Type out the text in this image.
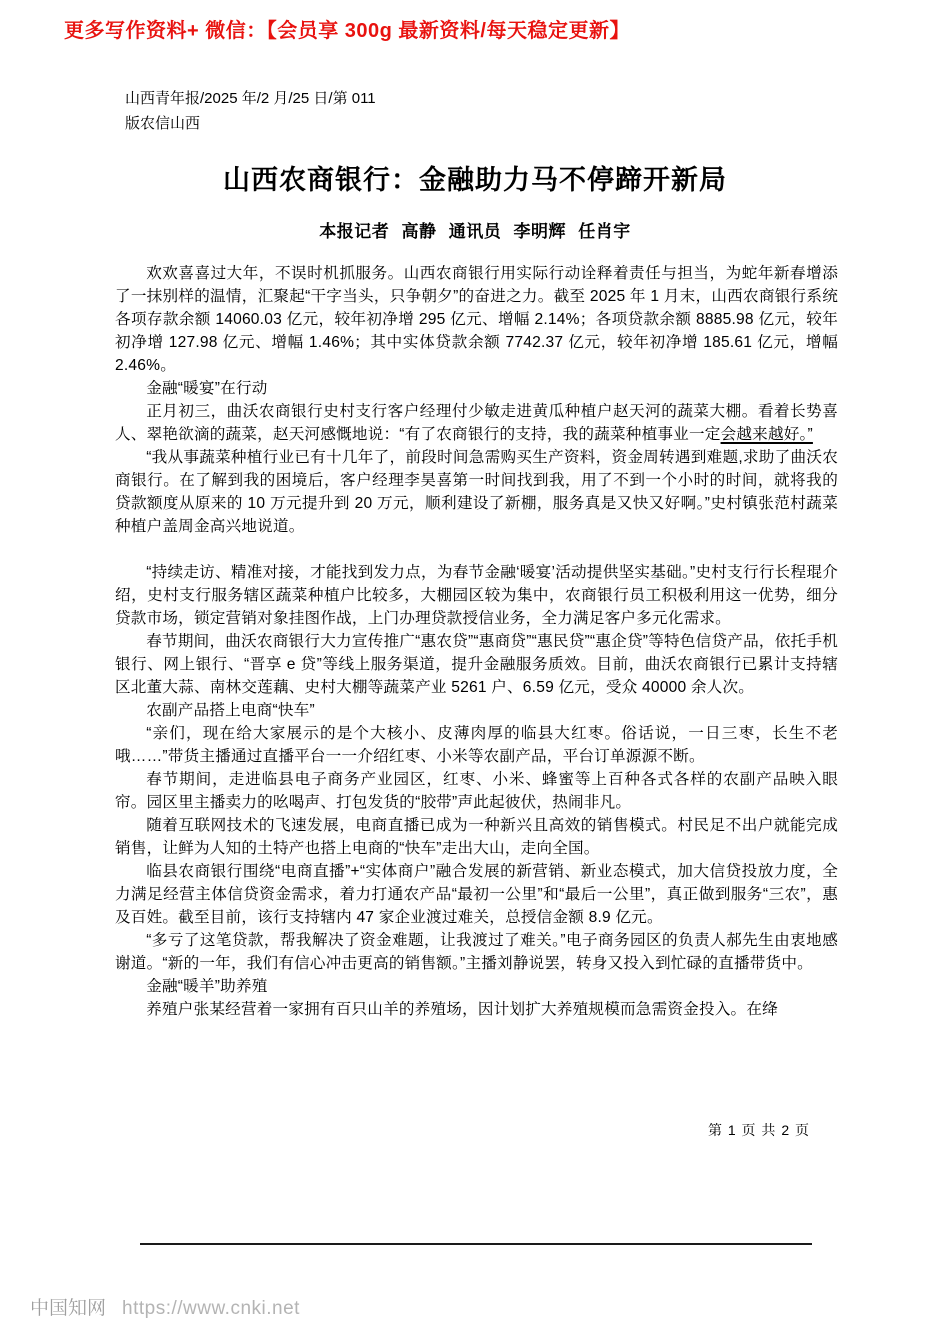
更多写作资料+ 微信：【会员享 300g 最新资料/每天稳定更新】
山西青年报/2025 年/2 月/25 日/第 011
版农信山西
山西农商银行：金融助力马不停蹄开新局
本报记者 高静 通讯员 李明辉 任肖宇

欢欢喜喜过大年，不误时机抓服务。山西农商银行用实际行动诠释着责任与担当，为蛇年新春增添了一抹别样的温情，汇聚起“干字当头，只争朝夕”的奋进之力。截至 2025 年 1 月末，山西农商银行系统各项存款余额 14060.03 亿元，较年初净增 295 亿元、增幅 2.14%；各项贷款余额 8885.98 亿元，较年初净增 127.98 亿元、增幅 1.46%；其中实体贷款余额 7742.37 亿元，较年初净增 185.61 亿元，增幅 2.46%。

金融“暖宴”在行动

正月初三，曲沃农商银行史村支行客户经理付少敏走进黄瓜种植户赵天河的蔬菜大棚。看着长势喜人、翠艳欲滴的蔬菜，赵天河感慨地说：“有了农商银行的支持，我的蔬菜种植事业一定会越来越好。”

“我从事蔬菜种植行业已有十几年了，前段时间急需购买生产资料，资金周转遇到难题,求助了曲沃农商银行。在了解到我的困境后，客户经理李昊喜第一时间找到我，用了不到一个小时的时间，就将我的贷款额度从原来的 10 万元提升到 20 万元，顺利建设了新棚，服务真是又快又好啊。”史村镇张范村蔬菜种植户盖周金高兴地说道。

“持续走访、精准对接，才能找到发力点，为春节金融‘暖宴’活动提供坚实基础。”史村支行行长程琨介绍，史村支行服务辖区蔬菜种植户比较多，大棚园区较为集中，农商银行员工积极利用这一优势，细分贷款市场，锁定营销对象挂图作战，上门办理贷款授信业务，全力满足客户多元化需求。

春节期间，曲沃农商银行大力宣传推广“惠农贷”“惠商贷”“惠民贷”“惠企贷”等特色信贷产品，依托手机银行、网上银行、“晋享 e 贷”等线上服务渠道，提升金融服务质效。目前，曲沃农商银行已累计支持辖区北董大蒜、南林交莲藕、史村大棚等蔬菜产业 5261 户、6.59 亿元，受众 40000 余人次。

农副产品搭上电商“快车”

“亲们，现在给大家展示的是个大核小、皮薄肉厚的临县大红枣。俗话说，一日三枣，长生不老哦……”带货主播通过直播平台一一介绍红枣、小米等农副产品，平台订单源源不断。

春节期间，走进临县电子商务产业园区，红枣、小米、蜂蜜等上百种各式各样的农副产品映入眼帘。园区里主播卖力的吆喝声、打包发货的“胶带”声此起彼伏，热闹非凡。

随着互联网技术的飞速发展，电商直播已成为一种新兴且高效的销售模式。村民足不出户就能完成销售，让鲜为人知的土特产也搭上电商的“快车”走出大山，走向全国。

临县农商银行围绕“电商直播”+“实体商户”融合发展的新营销、新业态模式，加大信贷投放力度，全力满足经营主体信贷资金需求，着力打通农产品“最初一公里”和“最后一公里”，真正做到服务“三农”，惠及百姓。截至目前，该行支持辖内 47 家企业渡过难关，总授信金额 8.9 亿元。

“多亏了这笔贷款，帮我解决了资金难题，让我渡过了难关。”电子商务园区的负责人郝先生由衷地感谢道。“新的一年，我们有信心冲击更高的销售额。”主播刘静说罢，转身又投入到忙碌的直播带货中。

金融“暖羊”助养殖

养殖户张某经营着一家拥有百只山羊的养殖场，因计划扩大养殖规模而急需资金投入。在绛

第 1 页 共 2 页
中国知网 https://www.cnki.net
